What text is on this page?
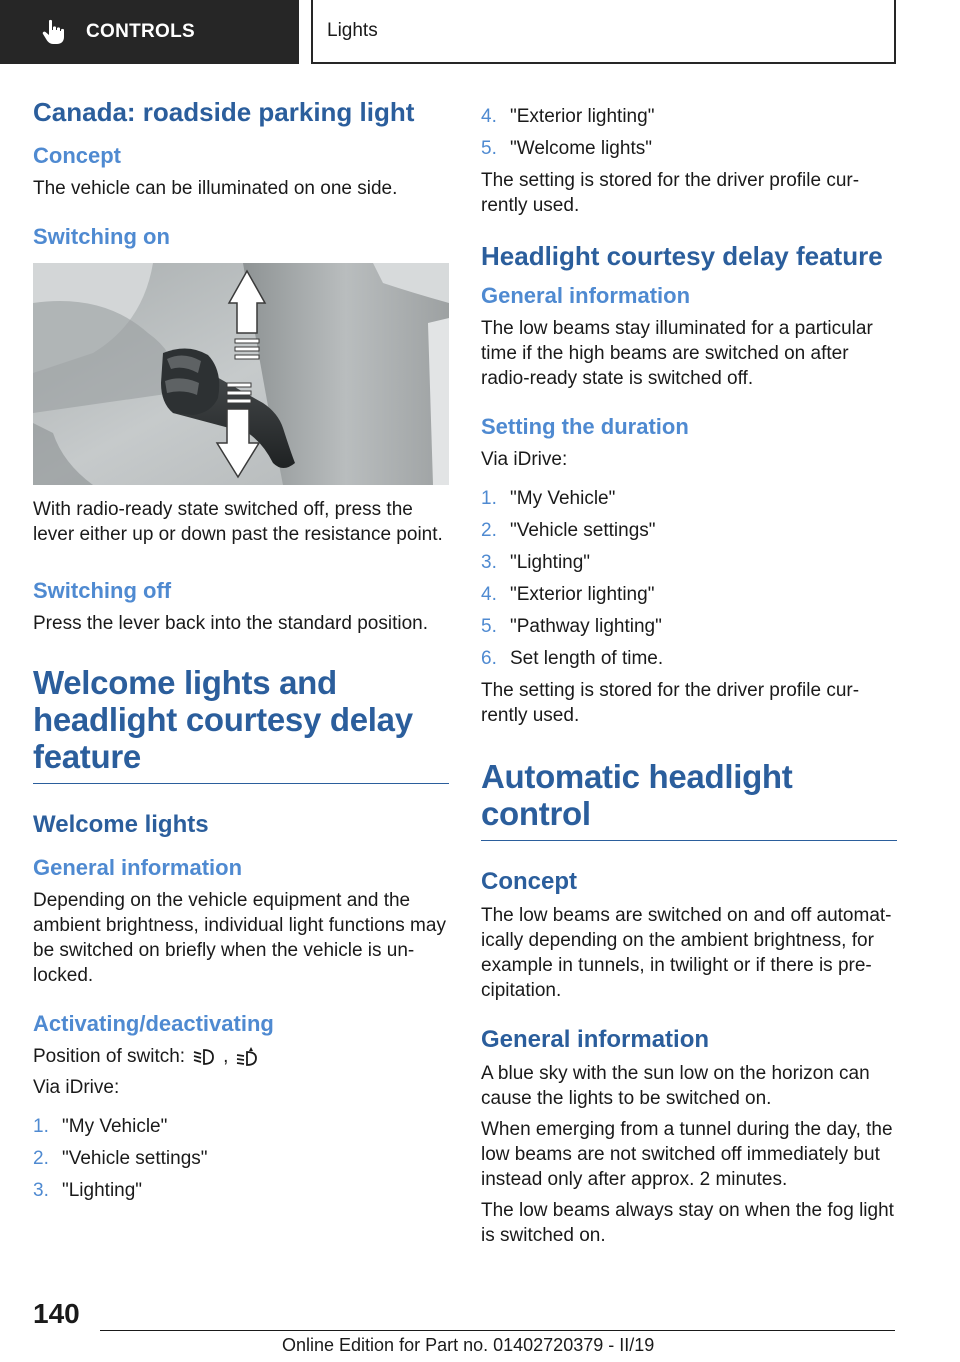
CONTROLS	Lights
Canada: roadside parking light
Concept

The vehicle can be illuminated on one side.

Switching on

With radio-ready state switched off, press the lever either up or down past the resistance point.

Switching off

Press the lever back into the standard position.

Welcome lights and headlight courtesy delay feature
Welcome lights
General information

Depending on the vehicle equipment and the ambient brightness, individual light functions may be switched on briefly when the vehicle is un-locked.

Activating/deactivating
Position of switch: ,

Via iDrive:

1. "My Vehicle"
2. "Vehicle settings"
3. "Lighting"
4. "Exterior lighting"
5. "Welcome lights"

The setting is stored for the driver profile cur-rently used.

Headlight courtesy delay feature
General information

The low beams stay illuminated for a particular time if the high beams are switched on after radio-ready state is switched off.

Setting the duration

Via iDrive:

1. "My Vehicle"
2. "Vehicle settings"
3. "Lighting"
4. "Exterior lighting"
5. "Pathway lighting"
6. Set length of time.

The setting is stored for the driver profile cur-rently used.

Automatic headlight control
Concept

The low beams are switched on and off automat-ically depending on the ambient brightness, for example in tunnels, in twilight or if there is pre-cipitation.

General information

A blue sky with the sun low on the horizon can cause the lights to be switched on.

When emerging from a tunnel during the day, the low beams are not switched off immediately but instead only after approx. 2 minutes.

The low beams always stay on when the fog light is switched on.

140
Online Edition for Part no. 01402720379 - II/19
